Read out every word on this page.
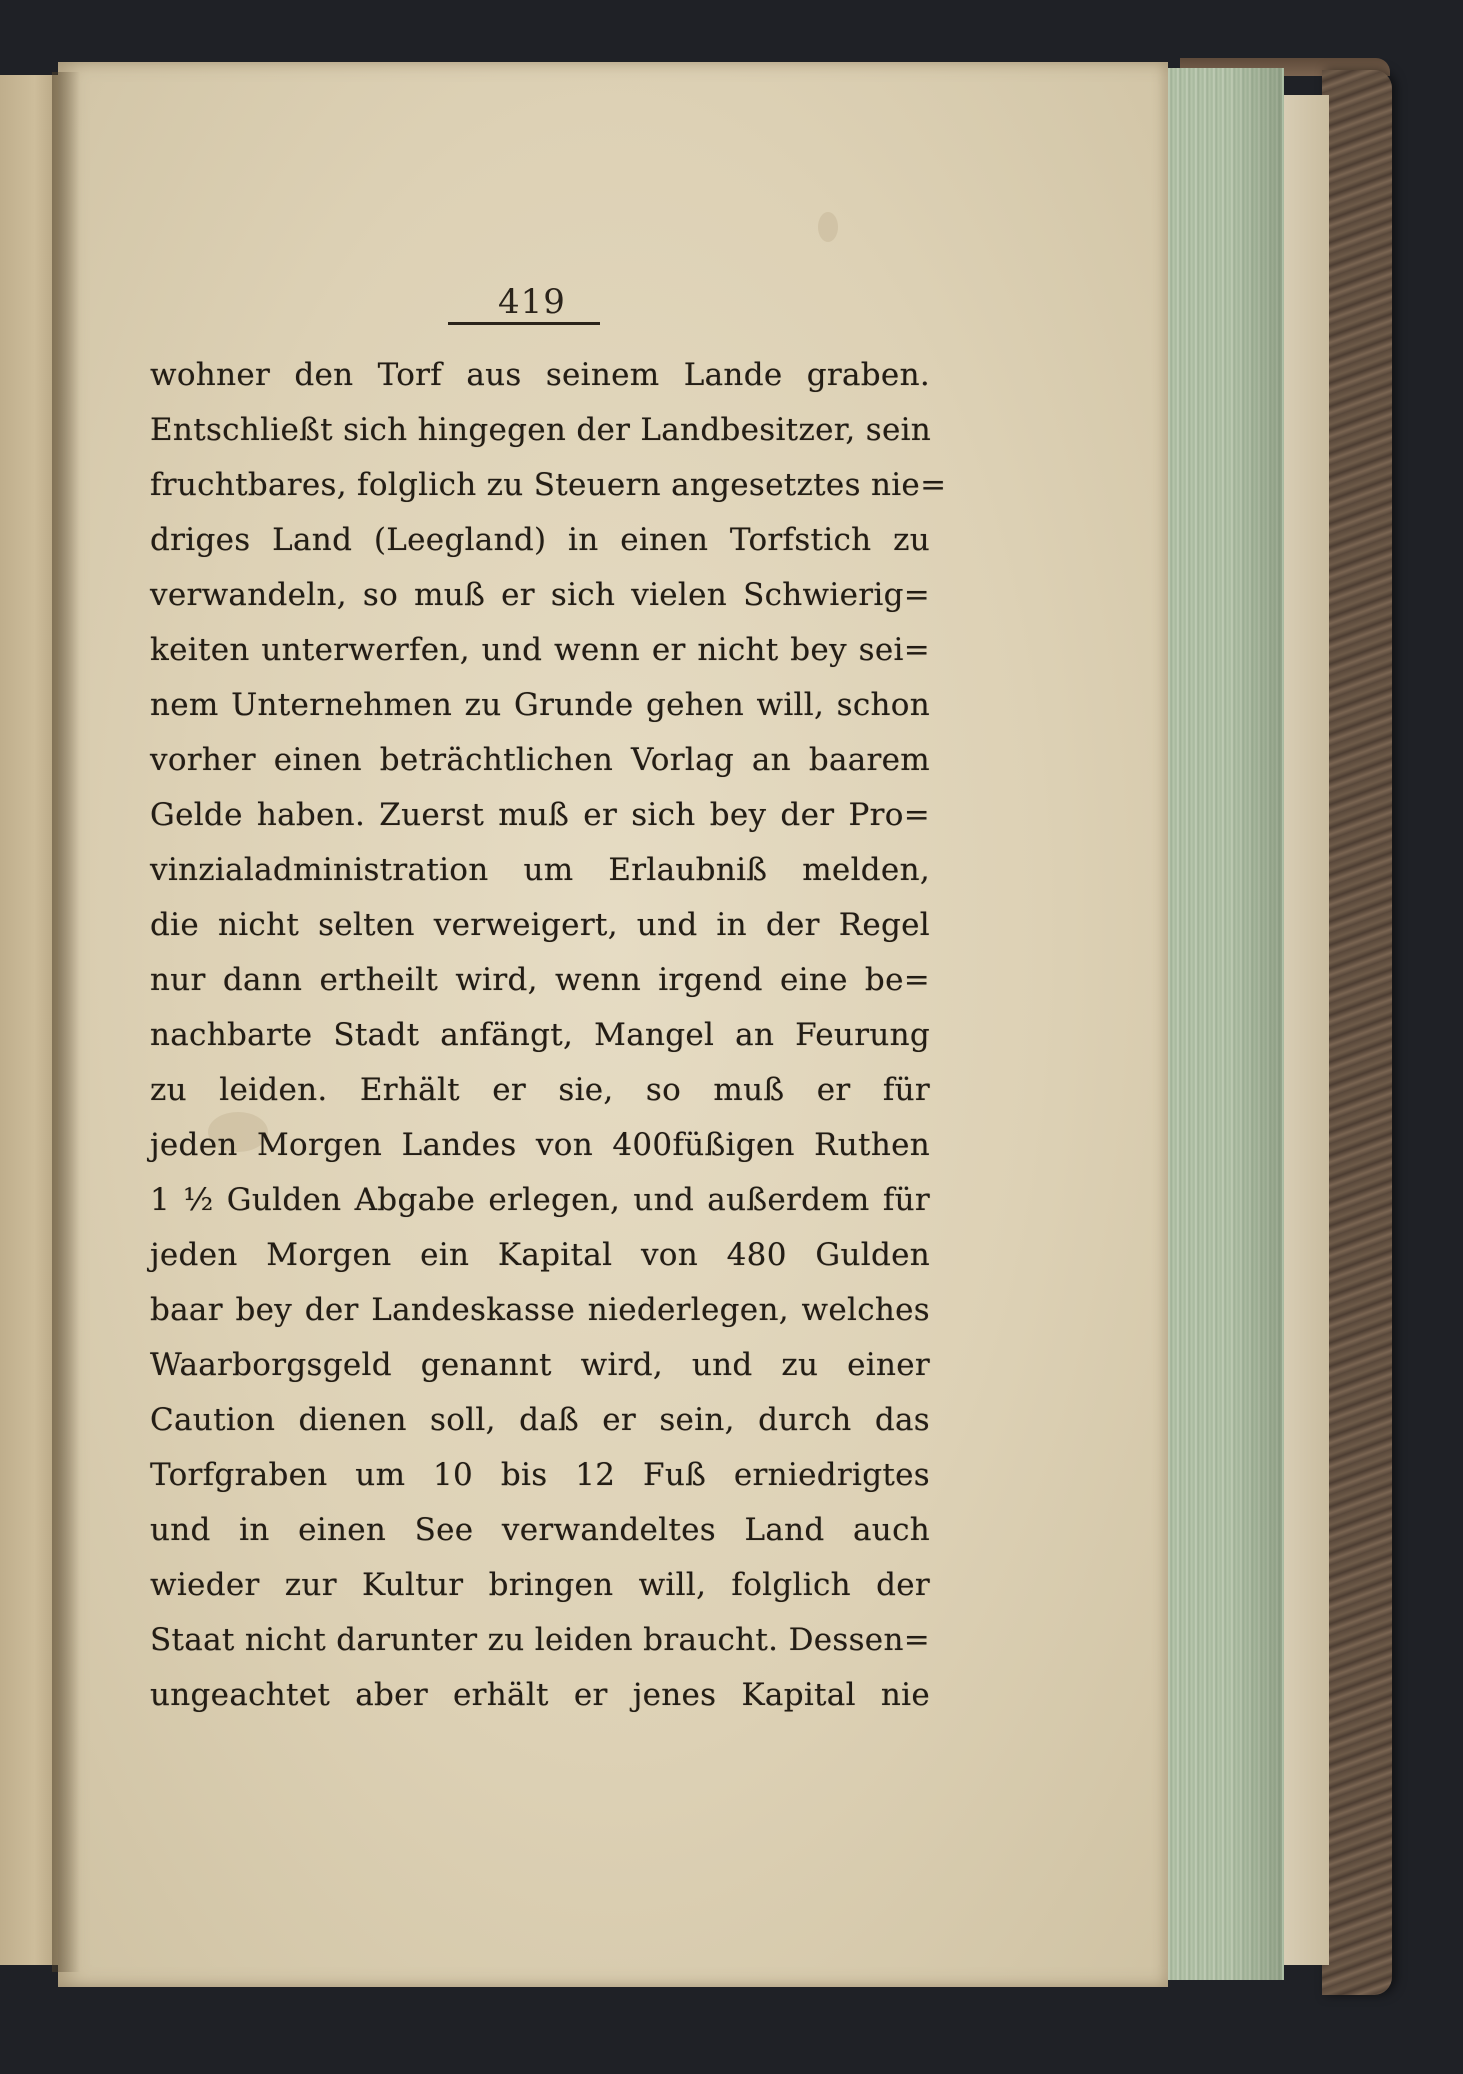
419
wohner den Torf aus seinem Lande graben.
Entschließt sich hingegen der Landbesitzer, sein
fruchtbares, folglich zu Steuern angesetztes nie=
driges Land (Leegland) in einen Torfstich zu
verwandeln, so muß er sich vielen Schwierig=
keiten unterwerfen, und wenn er nicht bey sei=
nem Unternehmen zu Grunde gehen will, schon
vorher einen beträchtlichen Vorlag an baarem
Gelde haben. Zuerst muß er sich bey der Pro=
vinzialadministration um Erlaubniß melden,
die nicht selten verweigert, und in der Regel
nur dann ertheilt wird, wenn irgend eine be=
nachbarte Stadt anfängt, Mangel an Feurung
zu leiden. Erhält er sie, so muß er für
jeden Morgen Landes von 400füßigen Ruthen
1 ½ Gulden Abgabe erlegen, und außerdem für
jeden Morgen ein Kapital von 480 Gulden
baar bey der Landeskasse niederlegen, welches
Waarborgsgeld genannt wird, und zu einer
Caution dienen soll, daß er sein, durch das
Torfgraben um 10 bis 12 Fuß erniedrigtes
und in einen See verwandeltes Land auch
wieder zur Kultur bringen will, folglich der
Staat nicht darunter zu leiden braucht. Dessen=
ungeachtet aber erhält er jenes Kapital nie
